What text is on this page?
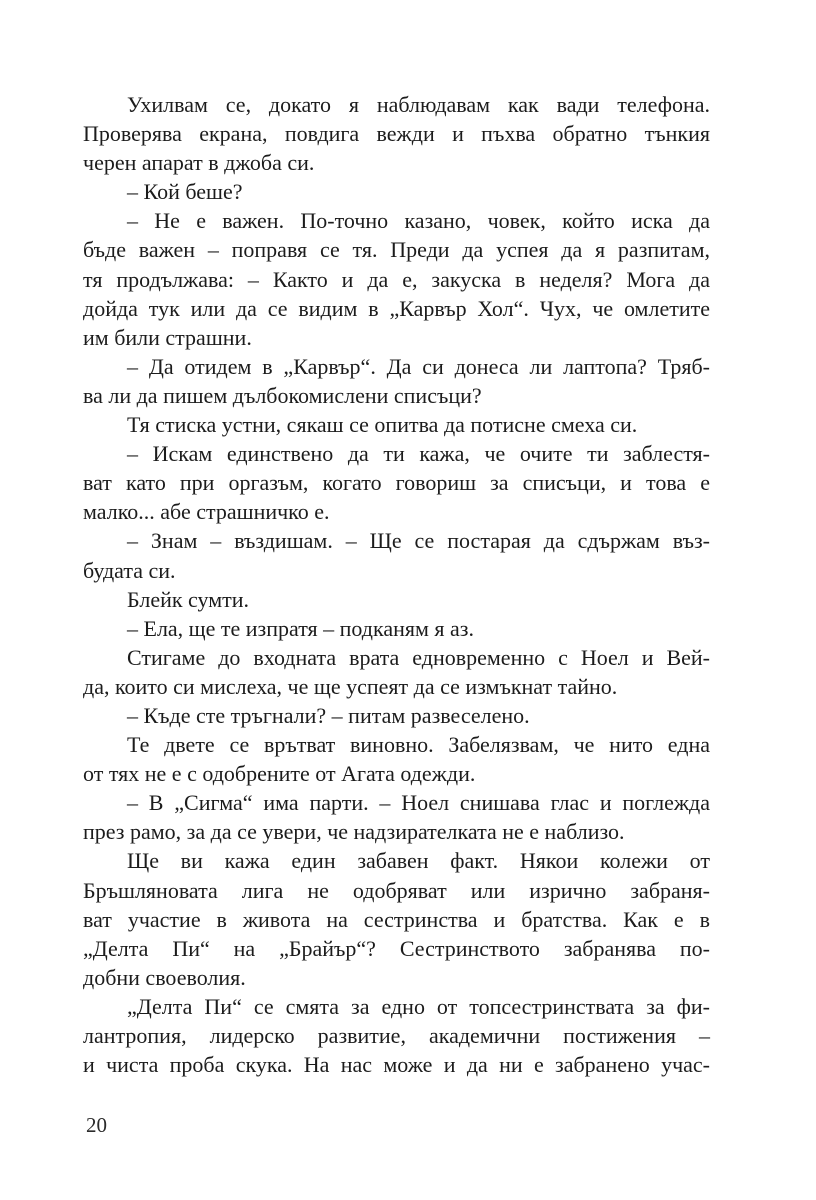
Ухилвам се, докато я наблюдавам как вади телефона.
Проверява екрана, повдига вежди и пъхва обратно тънкия
черен апарат в джоба си.
– Кой беше?
– Не е важен. По-точно казано, човек, който иска да
бъде важен – поправя се тя. Преди да успея да я разпитам,
тя продължава: – Както и да е, закуска в неделя? Мога да
дойда тук или да се видим в „Карвър Хол“. Чух, че омлетите
им били страшни.
– Да отидем в „Карвър“. Да си донеса ли лаптопа? Тряб-
ва ли да пишем дълбокомислени списъци?
Тя стиска устни, сякаш се опитва да потисне смеха си.
– Искам единствено да ти кажа, че очите ти заблестя-
ват като при оргазъм, когато говориш за списъци, и това е
малко... абе страшничко е.
– Знам – въздишам. – Ще се постарая да сдържам въз-
будата си.
Блейк сумти.
– Ела, ще те изпратя – подканям я аз.
Стигаме до входната врата едновременно с Ноел и Вей-
да, които си мислеха, че ще успеят да се измъкнат тайно.
– Къде сте тръгнали? – питам развеселено.
Те двете се врътват виновно. Забелязвам, че нито една
от тях не е с одобрените от Агата одежди.
– В „Сигма“ има парти. – Ноел снишава глас и поглежда
през рамо, за да се увери, че надзирателката не е наблизо.
Ще ви кажа един забавен факт. Някои колежи от
Бръшляновата лига не одобряват или изрично забраня-
ват участие в живота на сестринства и братства. Как е в
„Делта Пи“ на „Брайър“? Сестринството забранява по-
добни своеволия.
„Делта Пи“ се смята за едно от топсестринствата за фи-
лантропия, лидерско развитие, академични постижения –
и чиста проба скука. На нас може и да ни е забранено учас-
20
